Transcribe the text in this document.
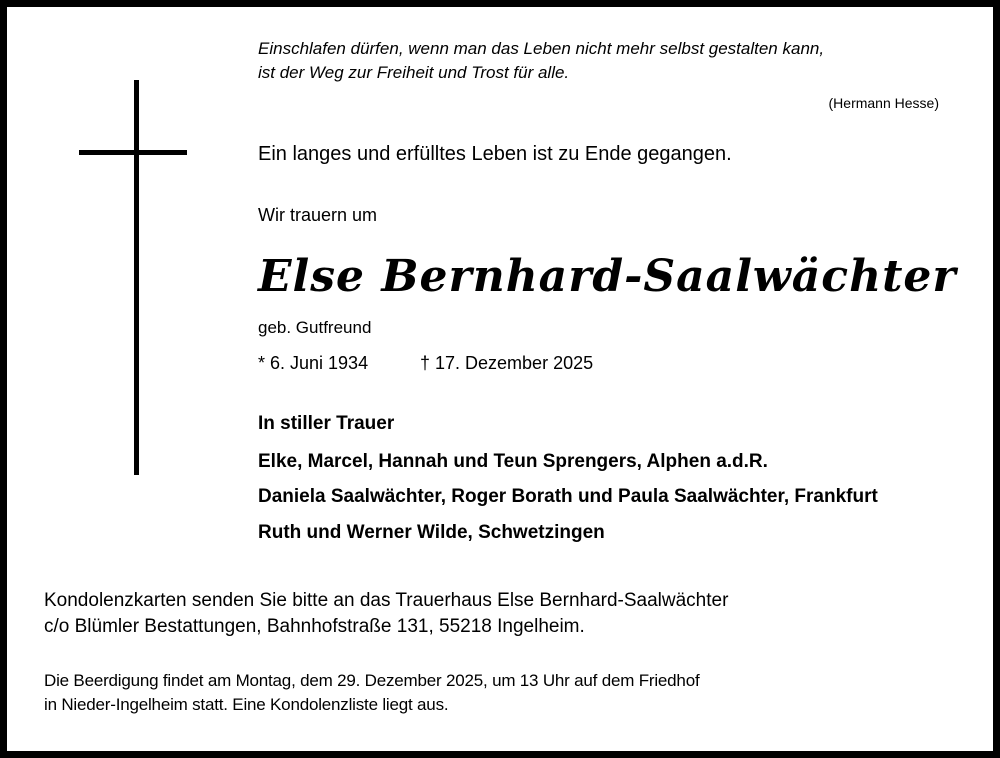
Einschlafen dürfen, wenn man das Leben nicht mehr selbst gestalten kann,
ist der Weg zur Freiheit und Trost für alle.
(Hermann Hesse)
Ein langes und erfülltes Leben ist zu Ende gegangen.
Wir trauern um
Else Bernhard-Saalwächter
geb. Gutfreund
* 6. Juni 1934	† 17. Dezember 2025
In stiller Trauer
Elke, Marcel, Hannah und Teun Sprengers, Alphen a.d.R.
Daniela Saalwächter, Roger Borath und Paula Saalwächter, Frankfurt
Ruth und Werner Wilde, Schwetzingen
Kondolenzkarten senden Sie bitte an das Trauerhaus Else Bernhard-Saalwächter
c/o Blümler Bestattungen, Bahnhofstraße 131, 55218 Ingelheim.
Die Beerdigung findet am Montag, dem 29. Dezember 2025, um 13 Uhr auf dem Friedhof
in Nieder-Ingelheim statt. Eine Kondolenzliste liegt aus.
